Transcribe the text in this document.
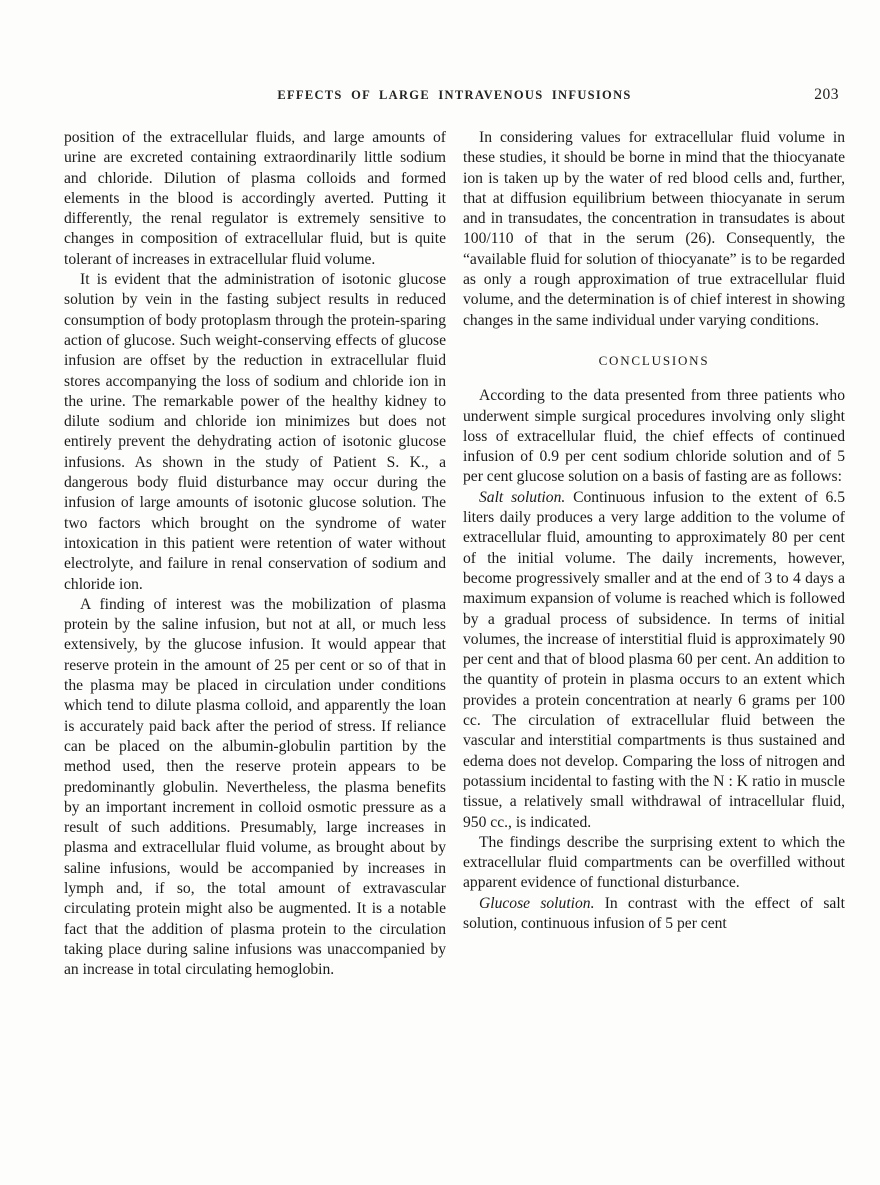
EFFECTS OF LARGE INTRAVENOUS INFUSIONS	203

position of the extracellular fluids, and large amounts of urine are excreted containing extraordinarily little sodium and chloride. Dilution of plasma colloids and formed elements in the blood is accordingly averted. Putting it differently, the renal regulator is extremely sensitive to changes in composition of extracellular fluid, but is quite tolerant of increases in extracellular fluid volume.

It is evident that the administration of isotonic glucose solution by vein in the fasting subject results in reduced consumption of body protoplasm through the protein-sparing action of glucose. Such weight-conserving effects of glucose infusion are offset by the reduction in extracellular fluid stores accompanying the loss of sodium and chloride ion in the urine. The remarkable power of the healthy kidney to dilute sodium and chloride ion minimizes but does not entirely prevent the dehydrating action of isotonic glucose infusions. As shown in the study of Patient S. K., a dangerous body fluid disturbance may occur during the infusion of large amounts of isotonic glucose solution. The two factors which brought on the syndrome of water intoxication in this patient were retention of water without electrolyte, and failure in renal conservation of sodium and chloride ion.

A finding of interest was the mobilization of plasma protein by the saline infusion, but not at all, or much less extensively, by the glucose infusion. It would appear that reserve protein in the amount of 25 per cent or so of that in the plasma may be placed in circulation under conditions which tend to dilute plasma colloid, and apparently the loan is accurately paid back after the period of stress. If reliance can be placed on the albumin-globulin partition by the method used, then the reserve protein appears to be predominantly globulin. Nevertheless, the plasma benefits by an important increment in colloid osmotic pressure as a result of such additions. Presumably, large increases in plasma and extracellular fluid volume, as brought about by saline infusions, would be accompanied by increases in lymph and, if so, the total amount of extravascular circulating protein might also be augmented. It is a notable fact that the addition of plasma protein to the circulation taking place during saline infusions was unaccompanied by an increase in total circulating hemoglobin.

In considering values for extracellular fluid volume in these studies, it should be borne in mind that the thiocyanate ion is taken up by the water of red blood cells and, further, that at diffusion equilibrium between thiocyanate in serum and in transudates, the concentration in transudates is about 100/110 of that in the serum (26). Consequently, the “available fluid for solution of thiocyanate” is to be regarded as only a rough approximation of true extracellular fluid volume, and the determination is of chief interest in showing changes in the same individual under varying conditions.

CONCLUSIONS

According to the data presented from three patients who underwent simple surgical procedures involving only slight loss of extracellular fluid, the chief effects of continued infusion of 0.9 per cent sodium chloride solution and of 5 per cent glucose solution on a basis of fasting are as follows:

Salt solution. Continuous infusion to the extent of 6.5 liters daily produces a very large addition to the volume of extracellular fluid, amounting to approximately 80 per cent of the initial volume. The daily increments, however, become progressively smaller and at the end of 3 to 4 days a maximum expansion of volume is reached which is followed by a gradual process of subsidence. In terms of initial volumes, the increase of interstitial fluid is approximately 90 per cent and that of blood plasma 60 per cent. An addition to the quantity of protein in plasma occurs to an extent which provides a protein concentration at nearly 6 grams per 100 cc. The circulation of extracellular fluid between the vascular and interstitial compartments is thus sustained and edema does not develop. Comparing the loss of nitrogen and potassium incidental to fasting with the N : K ratio in muscle tissue, a relatively small withdrawal of intracellular fluid, 950 cc., is indicated.

The findings describe the surprising extent to which the extracellular fluid compartments can be overfilled without apparent evidence of functional disturbance.

Glucose solution. In contrast with the effect of salt solution, continuous infusion of 5 per cent
